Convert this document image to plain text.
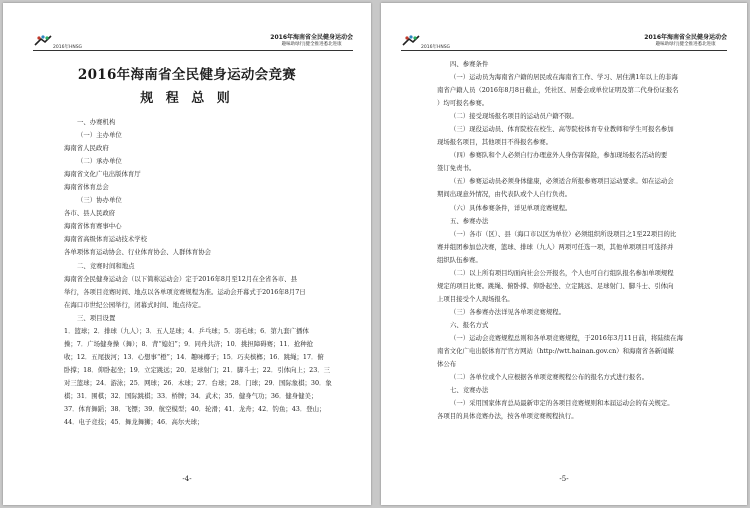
2016年HNSG
2016年海南省全民健身运动会
趣味助绿行|健全推进悉北进康
2016年海南省全民健身运动会竞赛
规 程 总 则
一、办赛机构
（一）主办单位
海南省人民政府
（二）承办单位
海南省文化广电出版体育厅
海南省体育总会
（三）协办单位
各市、县人民政府
海南省体育赛事中心
海南省高级体育运动技术学校
各单项体育运动协会、行业体育协会、人群体育协会
二、竞赛时间和地点
海南省全民健身运动会（以下简称运动会）定于2016年8月至12月在全省各市、县
举行，各项目竞赛时间、地点以各单项竞赛规程为准。运动会开幕式于2016年8月7日
在海口市世纪公园举行，闭幕式时间、地点待定。
三、项目设置
1．篮球；2．排球（九人）；3．五人足球；4．乒乓球；5．羽毛球；6．第九套广播体
操；7．广场健身操（舞）；8．背“媳妇”；9．同舟共济；10．挑担障碍赛；11．抢种抢
收；12．五尾拔河；13．心想事“橙”；14．趣味椰子；15．巧夹槟榔；16．跳绳；17．俯
卧撑；18．仰卧起坐；19．立定跳远；20．足球射门；21．脚斗士；22．引体向上；23．三
对三篮球；24．游泳；25．网球；26．木球；27．台球；28．门球；29．国际象棋；30．象
棋；31．围棋；32．国际跳棋；33．桥牌；34．武术；35．健身气功；36．健身健美；
37．体育舞蹈；38．飞镖；39．航空模型；40．轮滑；41．龙舟；42．钓鱼；43．登山；
44．电子竞技；45．舞龙舞狮；46．高尔夫球；
-4-
2016年HNSG
2016年海南省全民健身运动会
趣味助绿行|健全推进悉北进康
四、参赛条件
（一）运动员为海南省户籍的居民或在海南省工作、学习、居住满1年以上的非海
南省户籍人员（2016年8月8日截止，凭社区、居委会或单位证明及第二代身份证报名
）均可报名参赛。
（二）接受现场报名项目的运动员户籍不限。
（三）现役运动员、体育院校在校生、高等院校体育专业教师和学生可报名参加
现场报名项目，其他项目不得报名参赛。
（四）参赛队和个人必须自行办理意外人身伤害保险，参加现场报名活动的要
签订免责书。
（五）参赛运动员必须身体健康，必须适合所报参赛项目运动要求。如在运动会
期间出现意外情况，由代表队或个人自行负责。
（六）具体参赛条件，详见单项竞赛规程。
五、参赛办法
（一）各市（区）、县（海口市以区为单位）必须组织所设项目之1至22项目的比
赛并组团参加总决赛，篮球、排球（九人）两项可任选一项，其他单项项目可选择并
组织队伍参赛。
（二）以上所有项目均面向社会公开报名，个人也可自行组队报名参加单项规程
规定的项目比赛。跳绳、俯卧撑、仰卧起坐、立定跳远、足球射门、脚斗士、引体向
上项目接受个人现场报名。
（三）各参赛办法详见各单项竞赛规程。
六、报名方式
（一）运动会竞赛规程总则和各单项竞赛规程，于2016年3月11日前，将陆续在海
南省文化广电出版体育厅官方网站（http://wtt.hainan.gov.cn）和海南省各新闻媒
体公布
（二）各单位或个人应根据各单项竞赛规程公布的报名方式进行报名。
七、竞赛办法
（一）采用国家体育总局最新审定的各项目竞赛规则和本届运动会的有关规定。
各项目的具体竞赛办法，按各单项竞赛规程执行。
-5-
